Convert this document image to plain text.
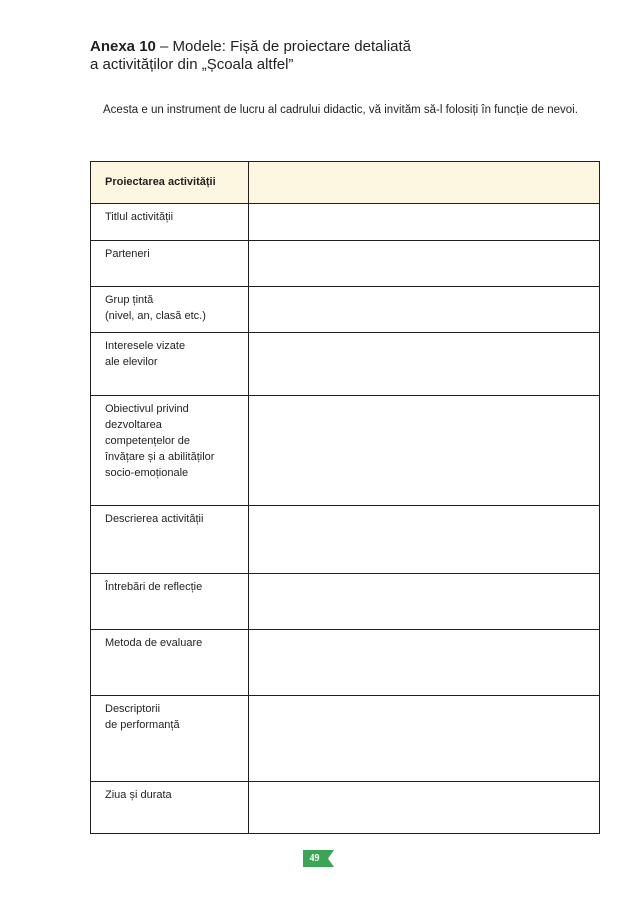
Anexa 10 – Modele: Fișă de proiectare detaliată
a activităților din „Școala altfel”
Acesta e un instrument de lucru al cadrului didactic, vă invităm să-l folosiți în funcție de nevoi.
Proiectarea activității	

Titlul activității	

Parteneri	

Grup țintă
(nivel, an, clasă etc.)	

Interesele vizate
ale elevilor	

Obiectivul privind
dezvoltarea
competențelor de
învățare și a abilităților
socio-emoționale	

Descrierea activității	

Întrebări de reflecție	

Metoda de evaluare	

Descriptorii
de performanță	

Ziua și durata	

49
